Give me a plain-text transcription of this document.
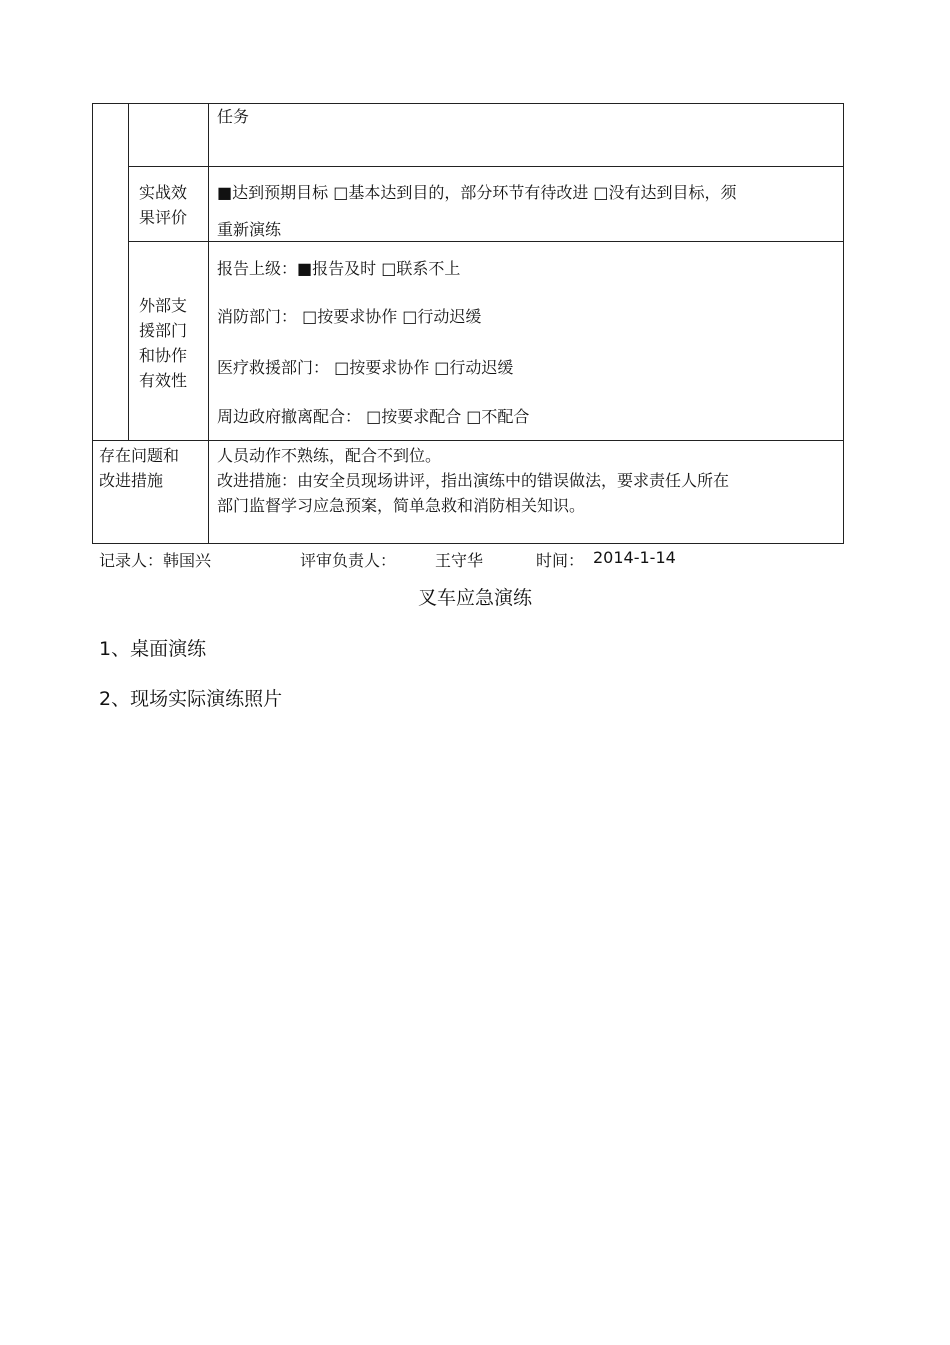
任务
实战效
果评价
■达到预期目标 □基本达到目的，部分环节有待改进 □没有达到目标，须
重新演练
外部支
援部门
和协作
有效性
报告上级：■报告及时 □联系不上
消防部门： □按要求协作 □行动迟缓
医疗救援部门： □按要求协作 □行动迟缓
周边政府撤离配合： □按要求配合 □不配合
存在问题和
改进措施
人员动作不熟练，配合不到位。
改进措施：由安全员现场讲评，指出演练中的错误做法，要求责任人所在
部门监督学习应急预案，简单急救和消防相关知识。
记录人：韩国兴	评审负责人： 王守华	时间： 2014-1-14
叉车应急演练
1、桌面演练
2、现场实际演练照片
